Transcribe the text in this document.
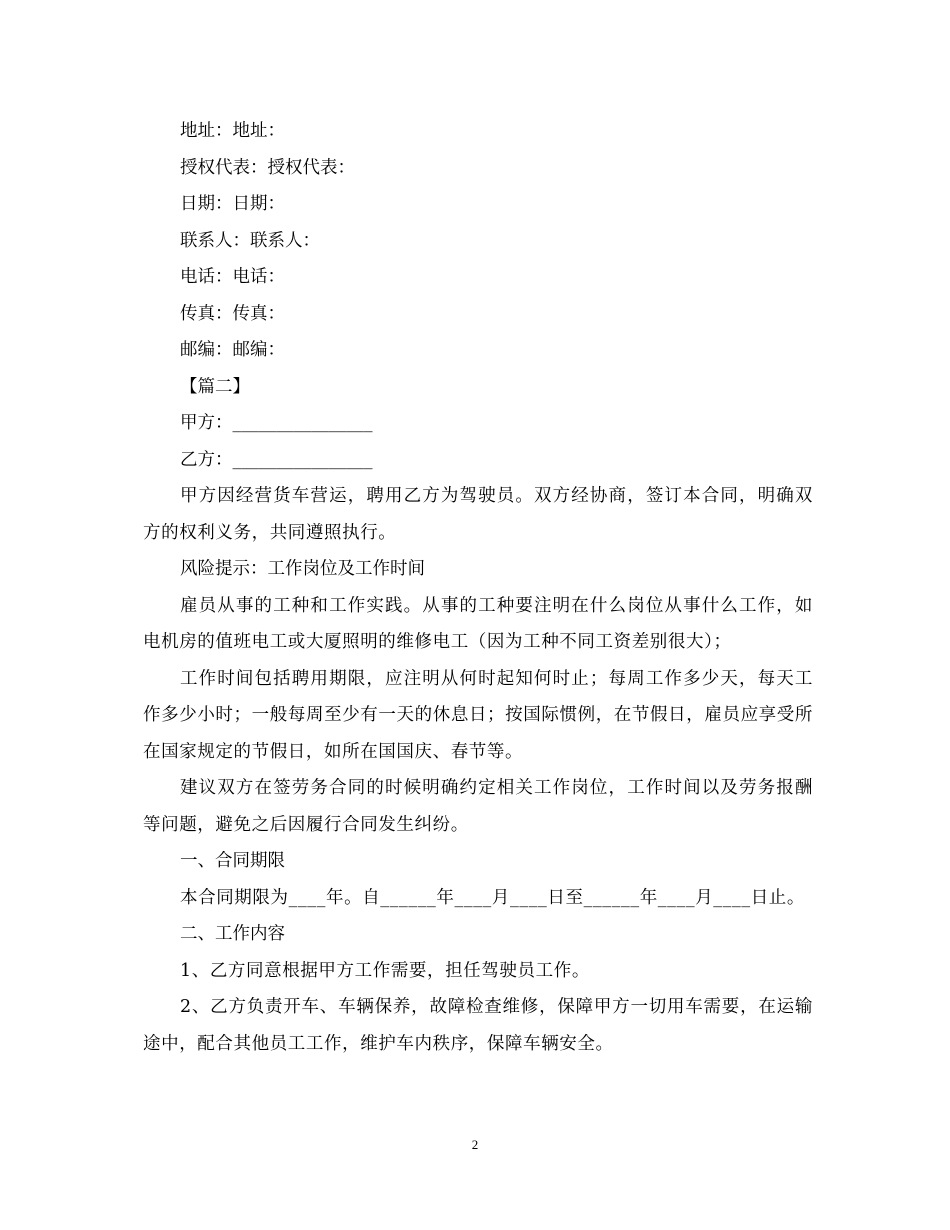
地址：地址：
授权代表：授权代表：
日期：日期：
联系人：联系人：
电话：电话：
传真：传真：
邮编：邮编：
【篇二】
甲方：________________
乙方：________________
甲方因经营货车营运，聘用乙方为驾驶员。双方经协商，签订本合同，明确双方的权利义务，共同遵照执行。
风险提示：工作岗位及工作时间
雇员从事的工种和工作实践。从事的工种要注明在什么岗位从事什么工作，如电机房的值班电工或大厦照明的维修电工（因为工种不同工资差别很大）；
工作时间包括聘用期限，应注明从何时起知何时止；每周工作多少天，每天工作多少小时；一般每周至少有一天的休息日；按国际惯例，在节假日，雇员应享受所在国家规定的节假日，如所在国国庆、春节等。
建议双方在签劳务合同的时候明确约定相关工作岗位，工作时间以及劳务报酬等问题，避免之后因履行合同发生纠纷。
一、合同期限
本合同期限为____年。自______年____月____日至______年____月____日止。
二、工作内容
1、乙方同意根据甲方工作需要，担任驾驶员工作。
2、乙方负责开车、车辆保养，故障检查维修，保障甲方一切用车需要，在运输途中，配合其他员工工作，维护车内秩序，保障车辆安全。
2
